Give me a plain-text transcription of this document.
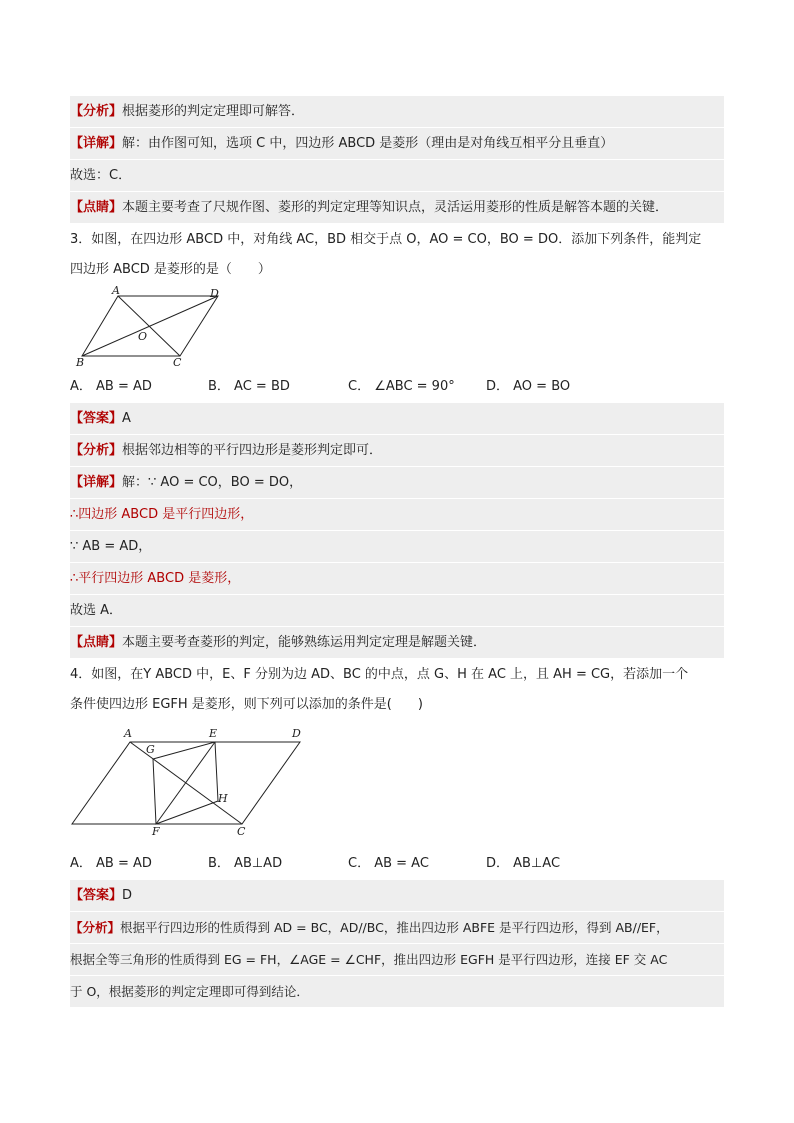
【分析】根据菱形的判定定理即可解答．
【详解】解：由作图可知，选项 C 中，四边形 ABCD 是菱形（理由是对角线互相平分且垂直）
故选：C．
【点睛】本题主要考查了尺规作图、菱形的判定定理等知识点，灵活运用菱形的性质是解答本题的关键．
3．如图，在四边形 ABCD 中，对角线 AC，BD 相交于点 O，AO = CO，BO = DO．添加下列条件，能判定
四边形 ABCD 是菱形的是（　　）
A	D
O
B	C
A． AB = AD	B． AC = BD	C． ∠ABC = 90° D． AO = BO
【答案】A
【分析】根据邻边相等的平行四边形是菱形判定即可．
【详解】解：∵ AO = CO，BO = DO，
∴四边形 ABCD 是平行四边形，
∵ AB = AD，
∴平行四边形 ABCD 是菱形，
故选 A．
【点睛】本题主要考查菱形的判定，能够熟练运用判定定理是解题关键．
4．如图，在Y ABCD 中，E、F 分别为边 AD、BC 的中点，点 G、H 在 AC 上，且 AH = CG，若添加一个
条件使四边形 EGFH 是菱形，则下列可以添加的条件是(　　)
A
G
E	D
H
F	C
A． AB = AD	B． AB⊥AD	C． AB = AC	D． AB⊥AC
【答案】D
【分析】根据平行四边形的性质得到 AD = BC，AD//BC，推出四边形 ABFE 是平行四边形，得到 AB//EF，
根据全等三角形的性质得到 EG = FH，∠AGE = ∠CHF，推出四边形 EGFH 是平行四边形，连接 EF 交 AC
于 O，根据菱形的判定定理即可得到结论．
